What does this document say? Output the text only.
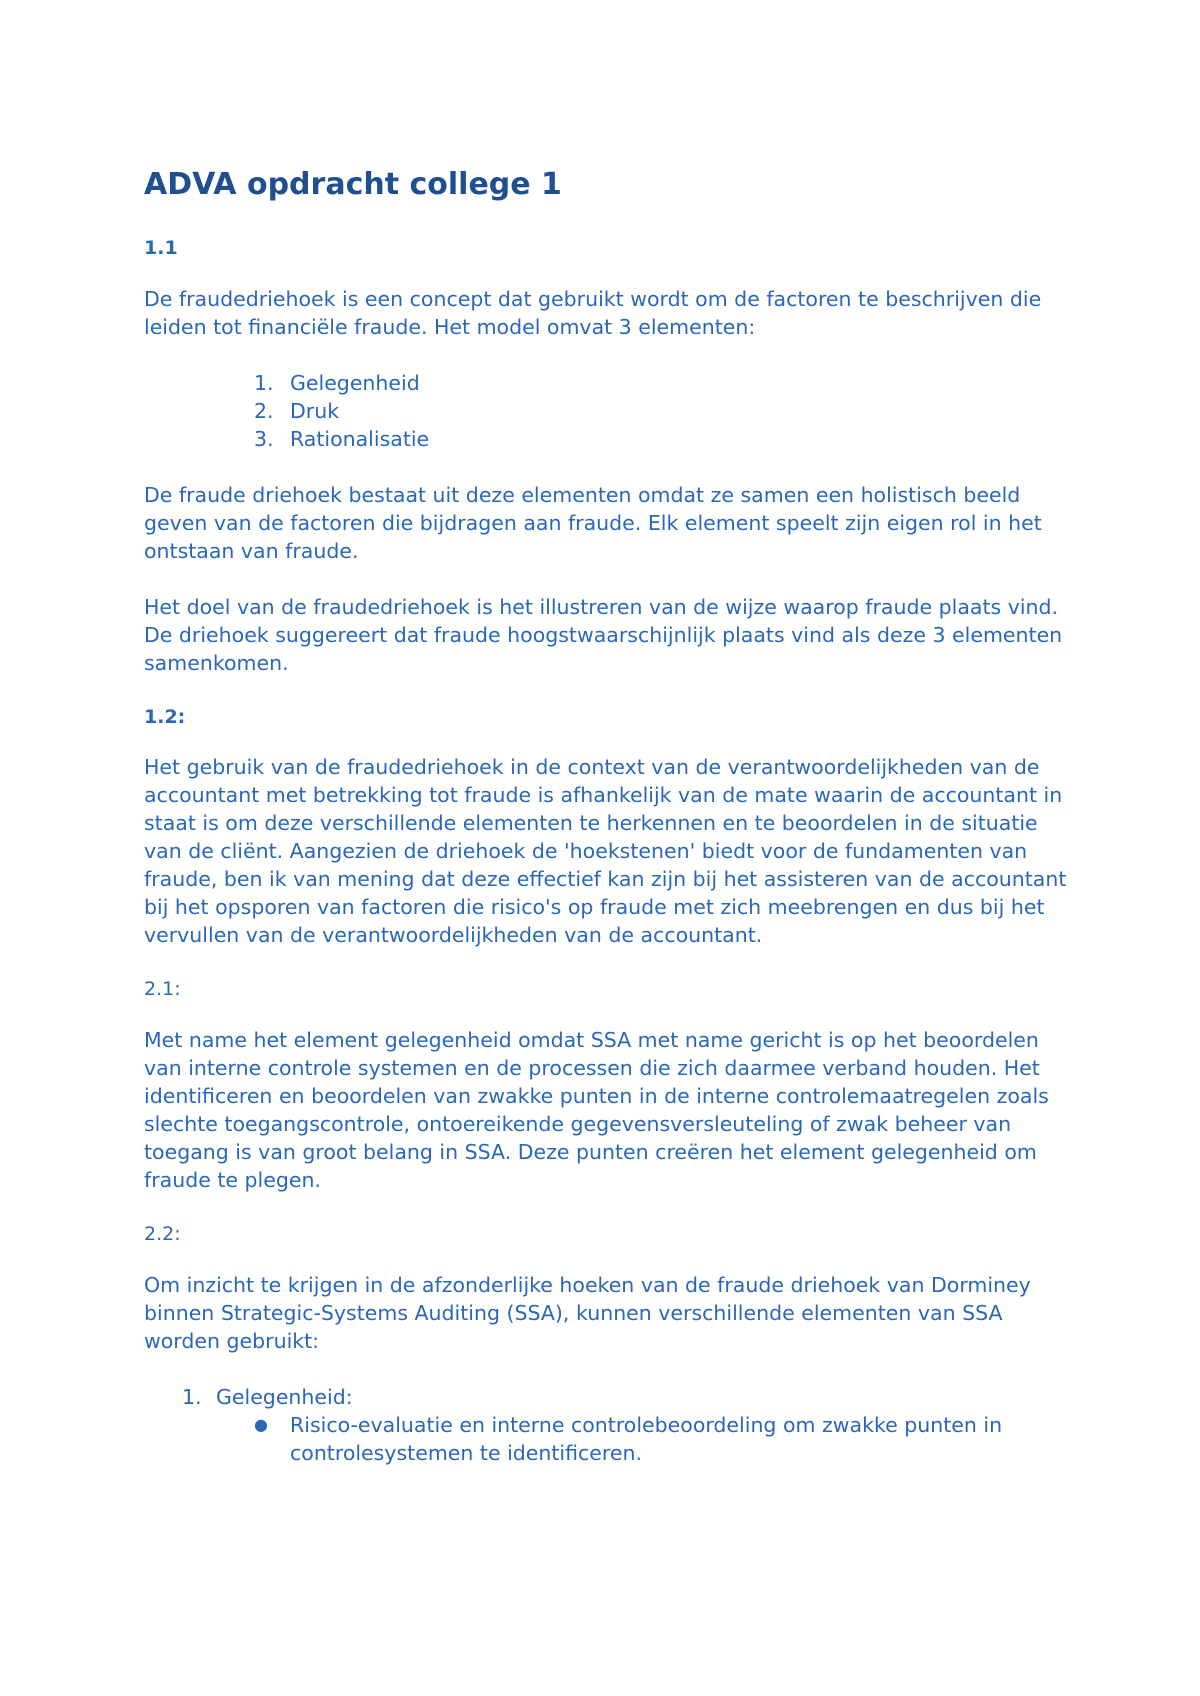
ADVA opdracht college 1
1.1

De fraudedriehoek is een concept dat gebruikt wordt om de factoren te beschrijven die leiden tot financiële fraude. Het model omvat 3 elementen:

1. Gelegenheid
2. Druk
3. Rationalisatie

De fraude driehoek bestaat uit deze elementen omdat ze samen een holistisch beeld geven van de factoren die bijdragen aan fraude. Elk element speelt zijn eigen rol in het ontstaan van fraude.

Het doel van de fraudedriehoek is het illustreren van de wijze waarop fraude plaats vind. De driehoek suggereert dat fraude hoogstwaarschijnlijk plaats vind als deze 3 elementen samenkomen.

1.2:

Het gebruik van de fraudedriehoek in de context van de verantwoordelijkheden van de accountant met betrekking tot fraude is afhankelijk van de mate waarin de accountant in staat is om deze verschillende elementen te herkennen en te beoordelen in de situatie van de cliënt. Aangezien de driehoek de 'hoekstenen' biedt voor de fundamenten van fraude, ben ik van mening dat deze effectief kan zijn bij het assisteren van de accountant bij het opsporen van factoren die risico's op fraude met zich meebrengen en dus bij het vervullen van de verantwoordelijkheden van de accountant.

2.1:

Met name het element gelegenheid omdat SSA met name gericht is op het beoordelen van interne controle systemen en de processen die zich daarmee verband houden. Het identificeren en beoordelen van zwakke punten in de interne controlemaatregelen zoals slechte toegangscontrole, ontoereikende gegevensversleuteling of zwak beheer van toegang is van groot belang in SSA. Deze punten creëren het element gelegenheid om fraude te plegen.

2.2:

Om inzicht te krijgen in de afzonderlijke hoeken van de fraude driehoek van Dorminey binnen Strategic-Systems Auditing (SSA), kunnen verschillende elementen van SSA worden gebruikt:

1. Gelegenheid:
● Risico-evaluatie en interne controlebeoordeling om zwakke punten in controlesystemen te identificeren.
